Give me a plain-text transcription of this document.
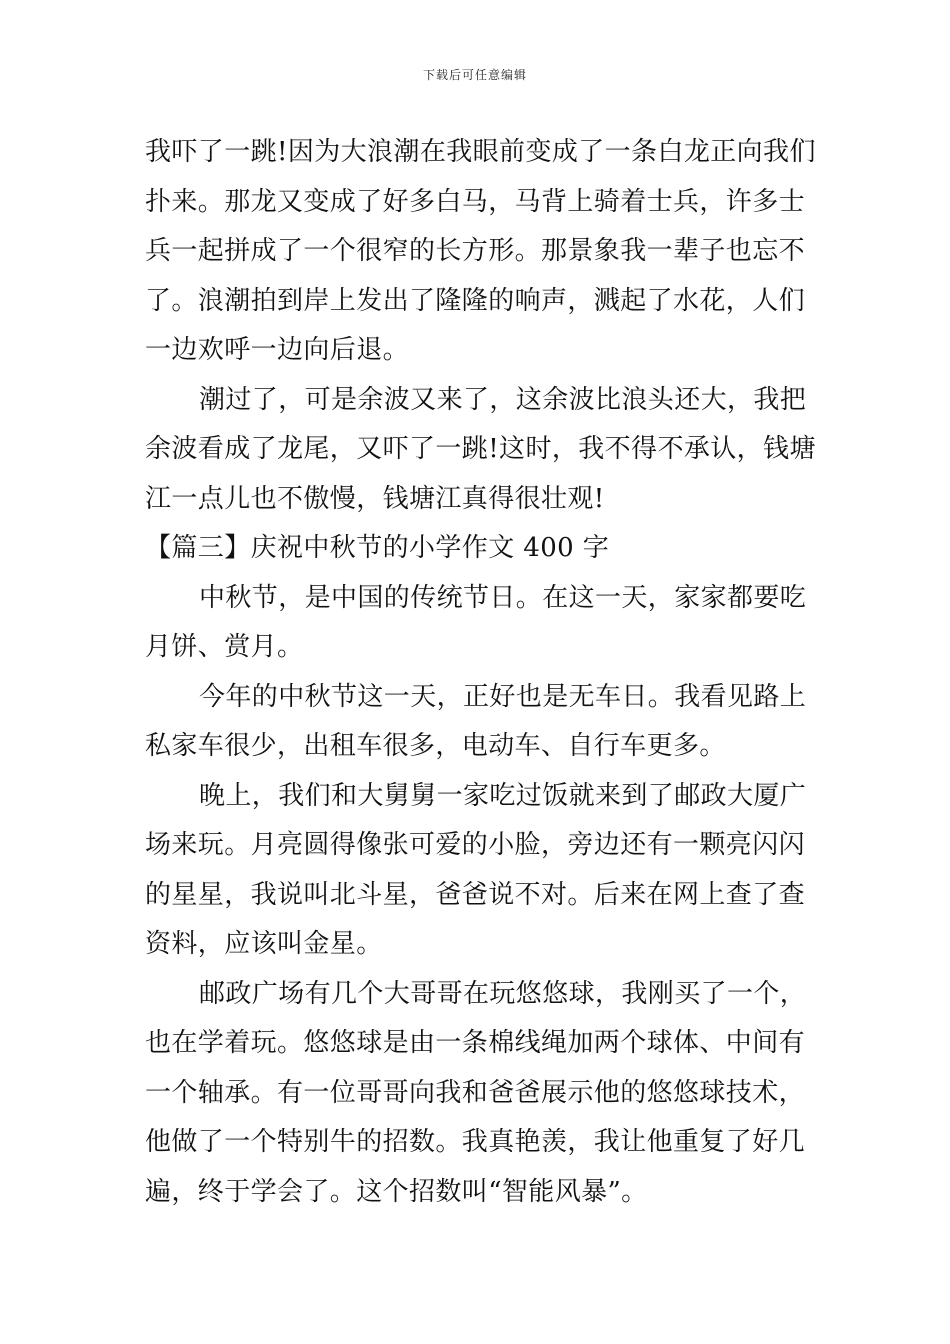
下载后可任意编辑
我吓了一跳!因为大浪潮在我眼前变成了一条白龙正向我们
扑来。那龙又变成了好多白马，马背上骑着士兵，许多士
兵一起拼成了一个很窄的长方形。那景象我一辈子也忘不
了。浪潮拍到岸上发出了隆隆的响声，溅起了水花，人们
一边欢呼一边向后退。
潮过了，可是余波又来了，这余波比浪头还大，我把
余波看成了龙尾，又吓了一跳!这时，我不得不承认，钱塘
江一点儿也不傲慢，钱塘江真得很壮观!
【篇三】庆祝中秋节的小学作文 400 字
中秋节，是中国的传统节日。在这一天，家家都要吃
月饼、赏月。
今年的中秋节这一天，正好也是无车日。我看见路上
私家车很少，出租车很多，电动车、自行车更多。
晚上，我们和大舅舅一家吃过饭就来到了邮政大厦广
场来玩。月亮圆得像张可爱的小脸，旁边还有一颗亮闪闪
的星星，我说叫北斗星，爸爸说不对。后来在网上查了查
资料，应该叫金星。
邮政广场有几个大哥哥在玩悠悠球，我刚买了一个，
也在学着玩。悠悠球是由一条棉线绳加两个球体、中间有
一个轴承。有一位哥哥向我和爸爸展示他的悠悠球技术，
他做了一个特别牛的招数。我真艳羡，我让他重复了好几
遍，终于学会了。这个招数叫“智能风暴”。
